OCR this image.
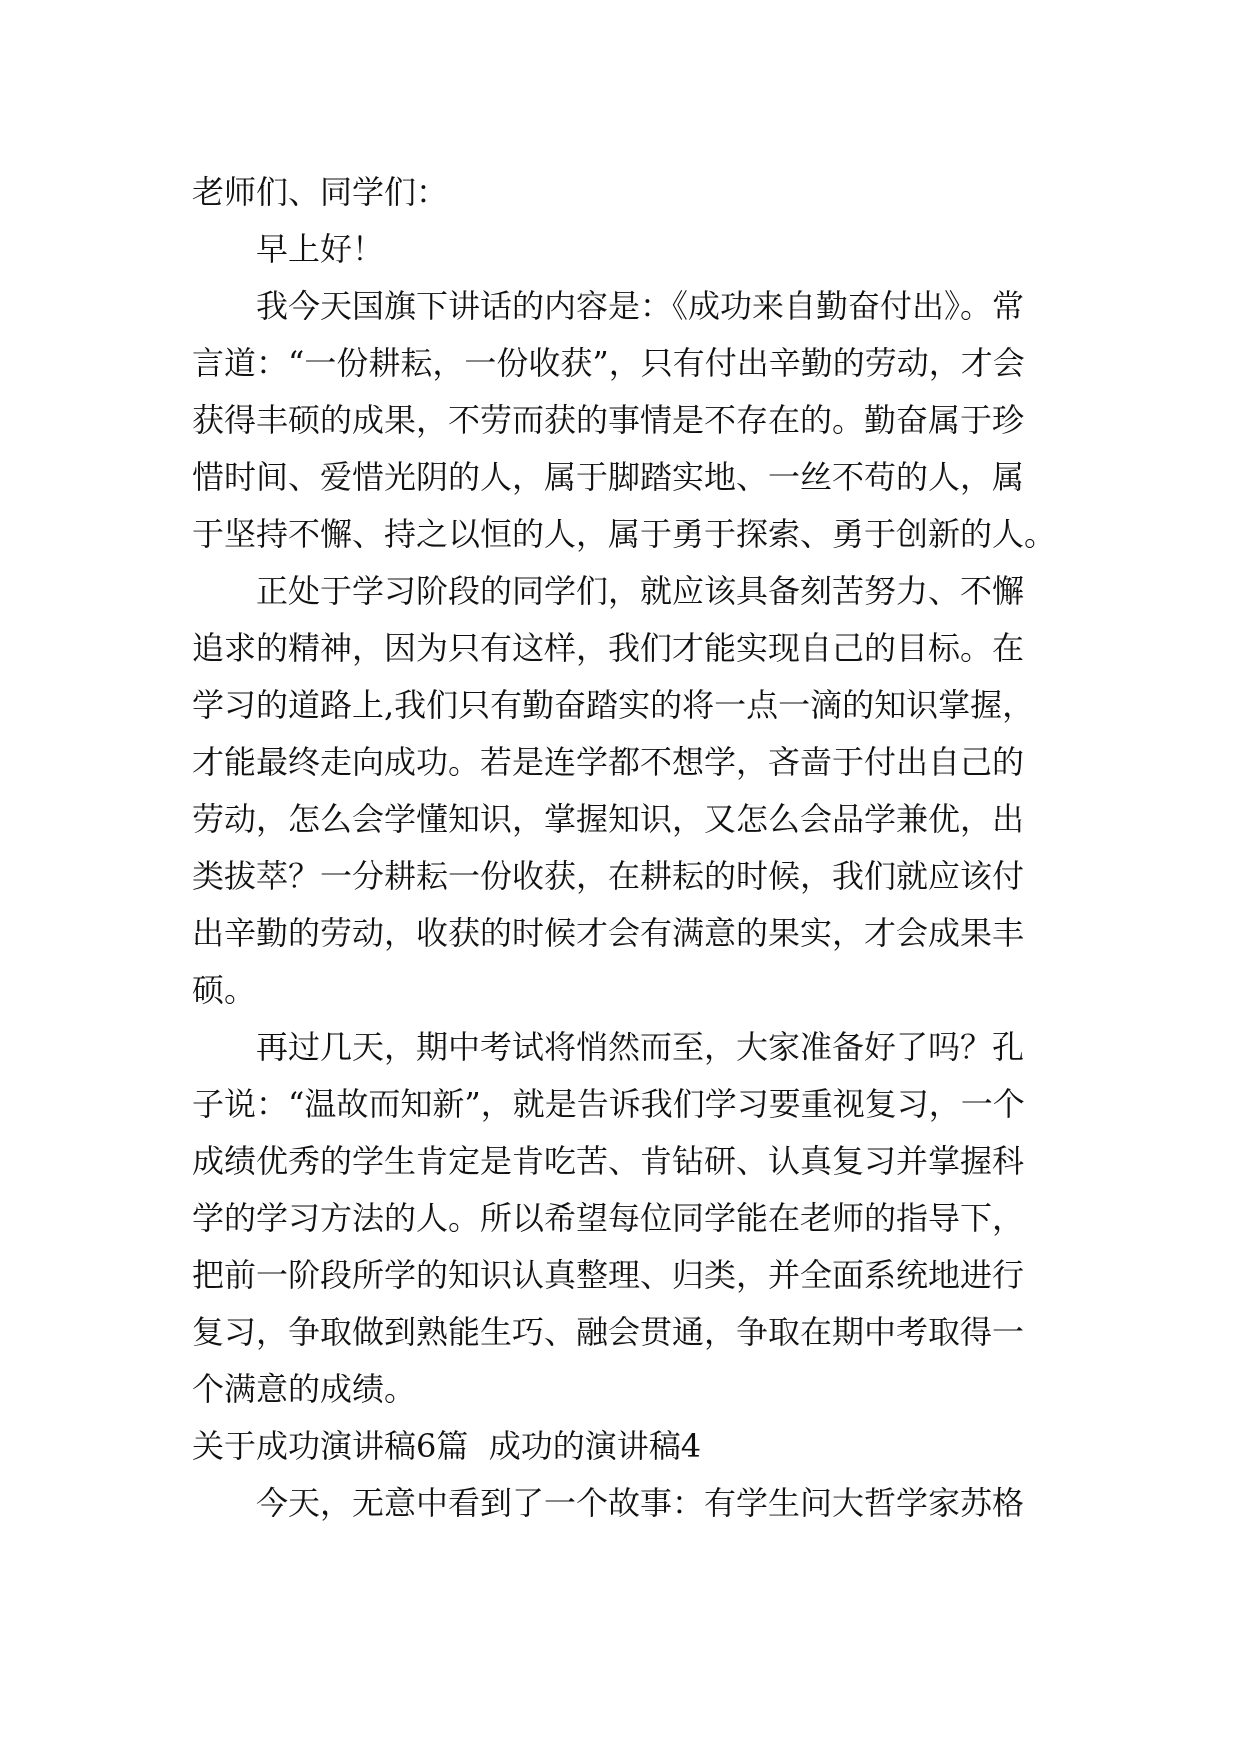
老师们、同学们：
早上好！
我今天国旗下讲话的内容是：《成功来自勤奋付出》。常
言道：“一份耕耘，一份收获”，只有付出辛勤的劳动，才会
获得丰硕的成果，不劳而获的事情是不存在的。勤奋属于珍
惜时间、爱惜光阴的人，属于脚踏实地、一丝不苟的人，属
于坚持不懈、持之以恒的人，属于勇于探索、勇于创新的人。
正处于学习阶段的同学们，就应该具备刻苦努力、不懈
追求的精神，因为只有这样，我们才能实现自己的目标。在
学习的道路上,我们只有勤奋踏实的将一点一滴的知识掌握，
才能最终走向成功。若是连学都不想学，吝啬于付出自己的
劳动，怎么会学懂知识，掌握知识，又怎么会品学兼优，出
类拔萃？一分耕耘一份收获，在耕耘的时候，我们就应该付
出辛勤的劳动，收获的时候才会有满意的果实，才会成果丰
硕。
再过几天，期中考试将悄然而至，大家准备好了吗？孔
子说：“温故而知新”，就是告诉我们学习要重视复习，一个
成绩优秀的学生肯定是肯吃苦、肯钻研、认真复习并掌握科
学的学习方法的人。所以希望每位同学能在老师的指导下，
把前一阶段所学的知识认真整理、归类，并全面系统地进行
复习，争取做到熟能生巧、融会贯通，争取在期中考取得一
个满意的成绩。
关于成功演讲稿6篇  成功的演讲稿4
今天，无意中看到了一个故事：有学生问大哲学家苏格
